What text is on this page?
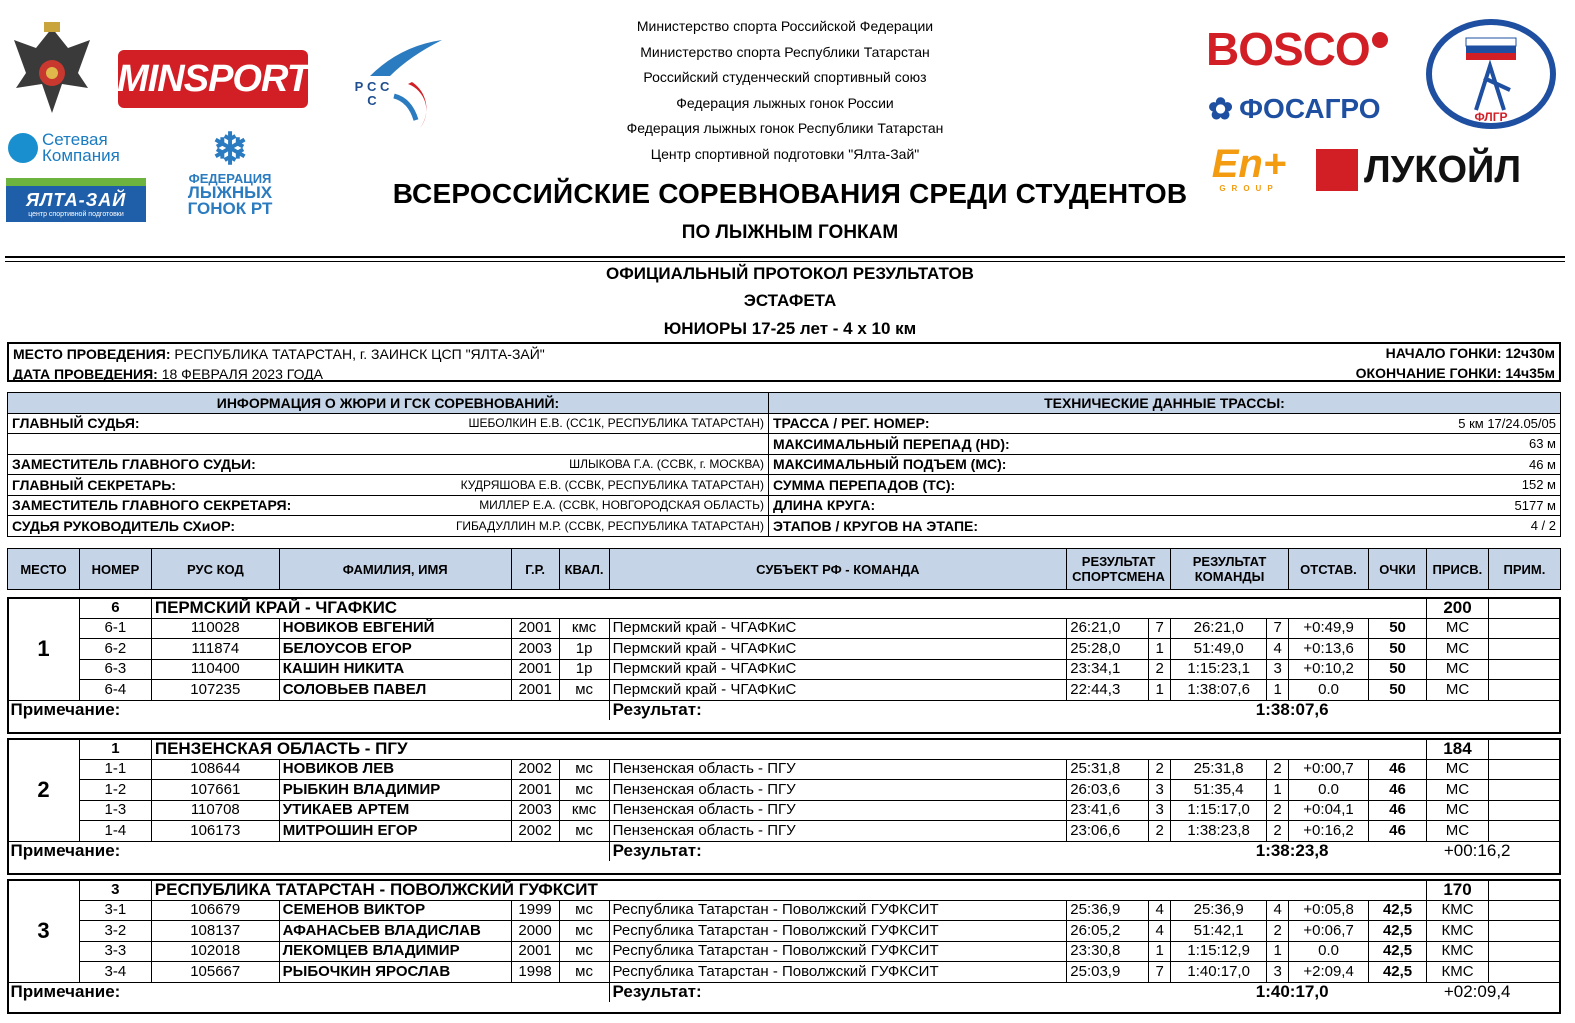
MINSPORT	Р С С С
Сетевая
Компания
ЯЛТА-ЗАЙ
центр спортивной подготовки
❄
ФЕДЕРАЦИЯ
ЛЫЖНЫХ
ГОНОК РТ
Министерство спорта Российской Федерации
Министерство спорта Республики Татарстан
Российский студенческий спортивный союз
Федерация лыжных гонок России
Федерация лыжных гонок Республики Татарстан
Центр спортивной подготовки "Ялта-Зай"
BOSCO
✿ ФОСАГРО
En+
GROUP ЛУКОЙЛ
ФЛГР
ВСЕРОССИЙСКИЕ СОРЕВНОВАНИЯ СРЕДИ СТУДЕНТОВ
ПО ЛЫЖНЫМ ГОНКАМ
ОФИЦИАЛЬНЫЙ ПРОТОКОЛ РЕЗУЛЬТАТОВ
ЭСТАФЕТА
ЮНИОРЫ 17-25 лет - 4 х 10 км
МЕСТО ПРОВЕДЕНИЯ: РЕСПУБЛИКА ТАТАРСТАН, г. ЗАИНСК ЦСП "ЯЛТА-ЗАЙ"
ДАТА ПРОВЕДЕНИЯ: 18 ФЕВРАЛЯ 2023 ГОДА
НАЧАЛО ГОНКИ: 12ч30м
ОКОНЧАНИЕ ГОНКИ: 14ч35м
ИНФОРМАЦИЯ О ЖЮРИ И ГСК СОРЕВНОВАНИЙ:		ТЕХНИЧЕСКИЕ ДАННЫЕ ТРАССЫ:	
ГЛАВНЫЙ СУДЬЯ:	ШЕБОЛКИН Е.В. (СС1К, РЕСПУБЛИКА ТАТАРСТАН)	ТРАССА / РЕГ. НОМЕР:	5 км 17/24.05/05
		МАКСИМАЛЬНЫЙ ПЕРЕПАД (HD):	63 м
ЗАМЕСТИТЕЛЬ ГЛАВНОГО СУДЬИ:	ШЛЫКОВА Г.А. (ССВК, г. МОСКВА)	МАКСИМАЛЬНЫЙ ПОДЪЕМ (MC):	46 м
ГЛАВНЫЙ СЕКРЕТАРЬ:	КУДРЯШОВА Е.В. (ССВК, РЕСПУБЛИКА ТАТАРСТАН)	СУММА ПЕРЕПАДОВ (ТС):	152 м
ЗАМЕСТИТЕЛЬ ГЛАВНОГО СЕКРЕТАРЯ:	МИЛЛЕР Е.А. (ССВК, НОВГОРОДСКАЯ ОБЛАСТЬ)	ДЛИНА КРУГА:	5177 м
СУДЬЯ РУКОВОДИТЕЛЬ СХиОР:	ГИБАДУЛЛИН М.Р. (ССВК, РЕСПУБЛИКА ТАТАРСТАН)	ЭТАПОВ / КРУГОВ НА ЭТАПЕ:	4 / 2
МЕСТО	НОМЕР	РУС КОД	ФАМИЛИЯ, ИМЯ	Г.Р.	КВАЛ.	СУБЪЕКТ РФ - КОМАНДА	РЕЗУЛЬТАТ
СПОРТСМЕНА

РЕЗУЛЬТАТ
КОМАНДЫ	ОТСТАВ.	ОЧКИ	ПРИСВ.	ПРИМ.
1	6	ПЕРМСКИЙ КРАЙ - ЧГАФКИС											200	
	6-1	110028	НОВИКОВ ЕВГЕНИЙ	2001	кмс	Пермский край - ЧГАФКиС	26:21,0	7	26:21,0	7	+0:49,9	50	МС	
	6-2	111874	БЕЛОУСОВ ЕГОР	2003	1р	Пермский край - ЧГАФКиС	25:28,0	1	51:49,0	4	+0:13,6	50	МС	
	6-3	110400	КАШИН НИКИТА	2001	1р	Пермский край - ЧГАФКиС	23:34,1	2	1:15:23,1	3	+0:10,2	50	МС	
	6-4	107235	СОЛОВЬЕВ ПАВЕЛ	2001	мс	Пермский край - ЧГАФКиС	22:44,3	1	1:38:07,6	1	0.0	50	МС	
Примечание:						Результат:	1:38:07,6							
2	1	ПЕНЗЕНСКАЯ ОБЛАСТЬ - ПГУ											184	
	1-1	108644	НОВИКОВ ЛЕВ	2002	мс	Пензенская область - ПГУ	25:31,8	2	25:31,8	2	+0:00,7	46	МС	
	1-2	107661	РЫБКИН ВЛАДИМИР	2001	мс	Пензенская область - ПГУ	26:03,6	3	51:35,4	1	0.0	46	МС	
	1-3	110708	УТИКАЕВ АРТЕМ	2003	кмс	Пензенская область - ПГУ	23:41,6	3	1:15:17,0	2	+0:04,1	46	МС	
	1-4	106173	МИТРОШИН ЕГОР	2002	мс	Пензенская область - ПГУ	23:06,6	2	1:38:23,8	2	+0:16,2	46	МС	
Примечание:						Результат:	1:38:23,8					+00:16,2		
3	3	РЕСПУБЛИКА ТАТАРСТАН - ПОВОЛЖСКИЙ ГУФКСИТ											170	
	3-1	106679	СЕМЕНОВ ВИКТОР	1999	мс	Республика Татарстан - Поволжский ГУФКСИТ	25:36,9	4	25:36,9	4	+0:05,8	42,5	КМС	
	3-2	108137	АФАНАСЬЕВ ВЛАДИСЛАВ	2000	мс	Республика Татарстан - Поволжский ГУФКСИТ	26:05,2	4	51:42,1	2	+0:06,7	42,5	КМС	
	3-3	102018	ЛЕКОМЦЕВ ВЛАДИМИР	2001	мс	Республика Татарстан - Поволжский ГУФКСИТ	23:30,8	1	1:15:12,9	1	0.0	42,5	КМС	
	3-4	105667	РЫБОЧКИН ЯРОСЛАВ	1998	мс	Республика Татарстан - Поволжский ГУФКСИТ	25:03,9	7	1:40:17,0	3	+2:09,4	42,5	КМС	
Примечание:						Результат:	1:40:17,0					+02:09,4		
